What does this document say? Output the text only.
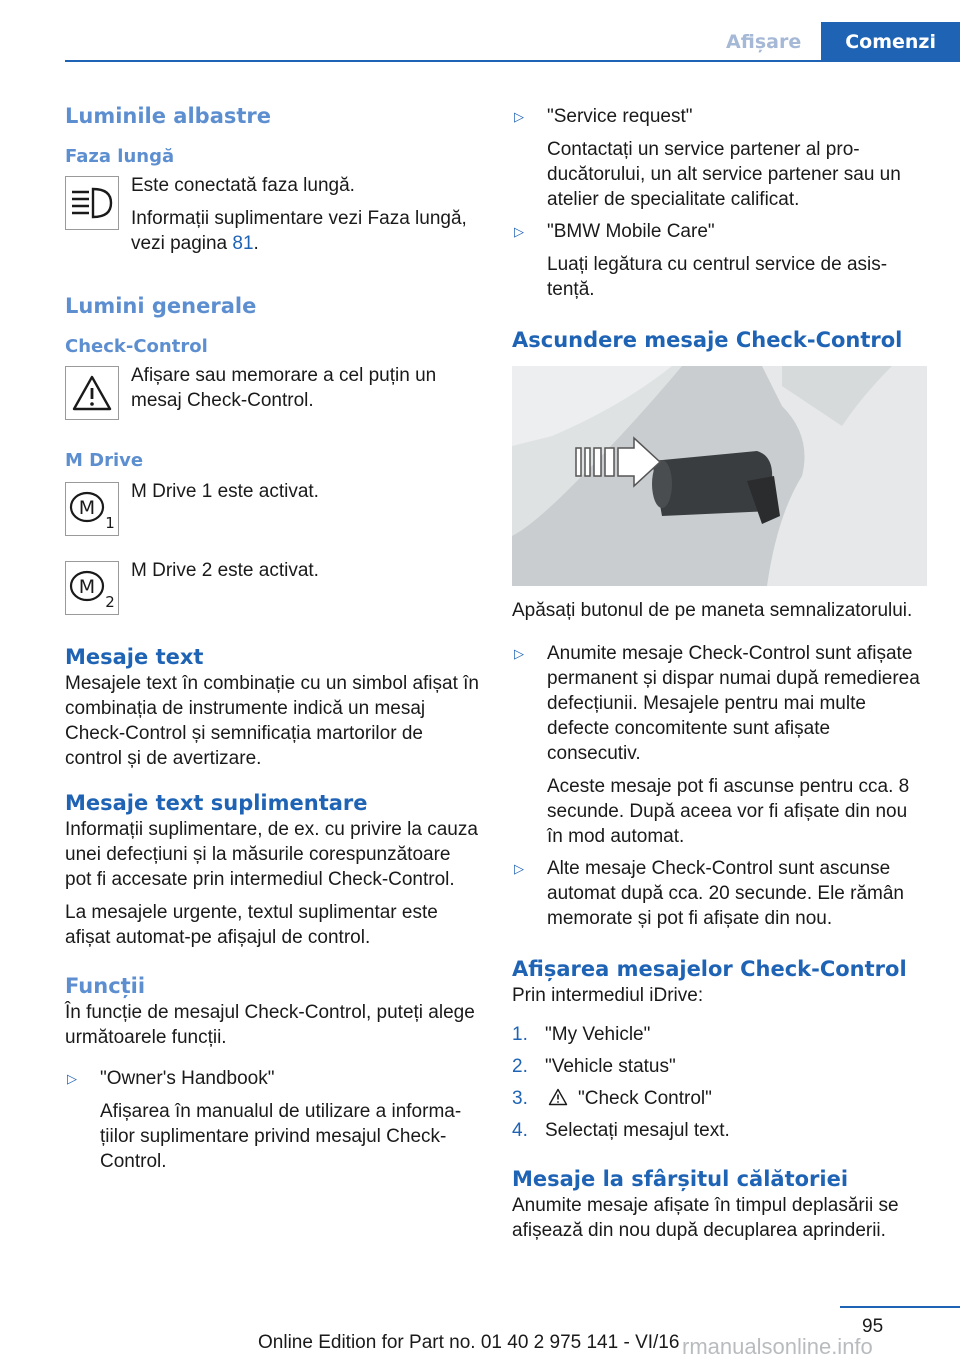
Afișare	Comenzi
Luminile albastre
Faza lungă

Este conectată faza lungă.

Informații suplimentare vezi Faza lungă, vezi pagina 81.

Lumini generale
Check-Control

Afișare sau memorare a cel puțin un mesaj Check-Control.

M Drive
M
1

M Drive 1 este activat.

M
2

M Drive 2 este activat.

Mesaje text

Mesajele text în combinație cu un simbol afișat în combinația de instrumente indică un mesaj Check-Control și semnificația martorilor de control și de avertizare.

Mesaje text suplimentare

Informații suplimentare, de ex. cu privire la cauza unei defecțiuni și la măsurile corespunzătoare pot fi accesate prin intermediul Check-Control.

La mesajele urgente, textul suplimentar este afișat automat-pe afișajul de control.

Funcții

În funcție de mesajul Check-Control, puteți alege următoarele funcții.

▷	"Owner's Handbook"

Afișarea în manualul de utilizare a informațiilor suplimentare privind mesajul Check-Control.

▷	"Service request"

Contactați un service partener al producătorului, un alt service partener sau un atelier de specialitate calificat.

▷	"BMW Mobile Care"

Luați legătura cu centrul service de asistență.

Ascundere mesaje Check-Control

Apăsați butonul de pe maneta semnalizatorului.

▷	Anumite mesaje Check-Control sunt afișate permanent și dispar numai după remedierea defecțiunii. Mesajele pentru mai multe defecte concomitente sunt afișate consecutiv.

Aceste mesaje pot fi ascunse pentru cca. 8 secunde. După aceea vor fi afișate din nou în mod automat.

▷	Alte mesaje Check-Control sunt ascunse automat după cca. 20 secunde. Ele rămân memorate și pot fi afișate din nou.

Afișarea mesajelor Check-Control

Prin intermediul iDrive:

1. "My Vehicle"

2. "Vehicle status"

3.	"Check Control"

4. Selectați mesajul text.

Mesaje la sfârșitul călătoriei

Anumite mesaje afișate în timpul deplasării se afișează din nou după decuplarea aprinderii.

95
Online Edition for Part no. 01 40 2 975 141 - VI/16 rmanualsonline.info
